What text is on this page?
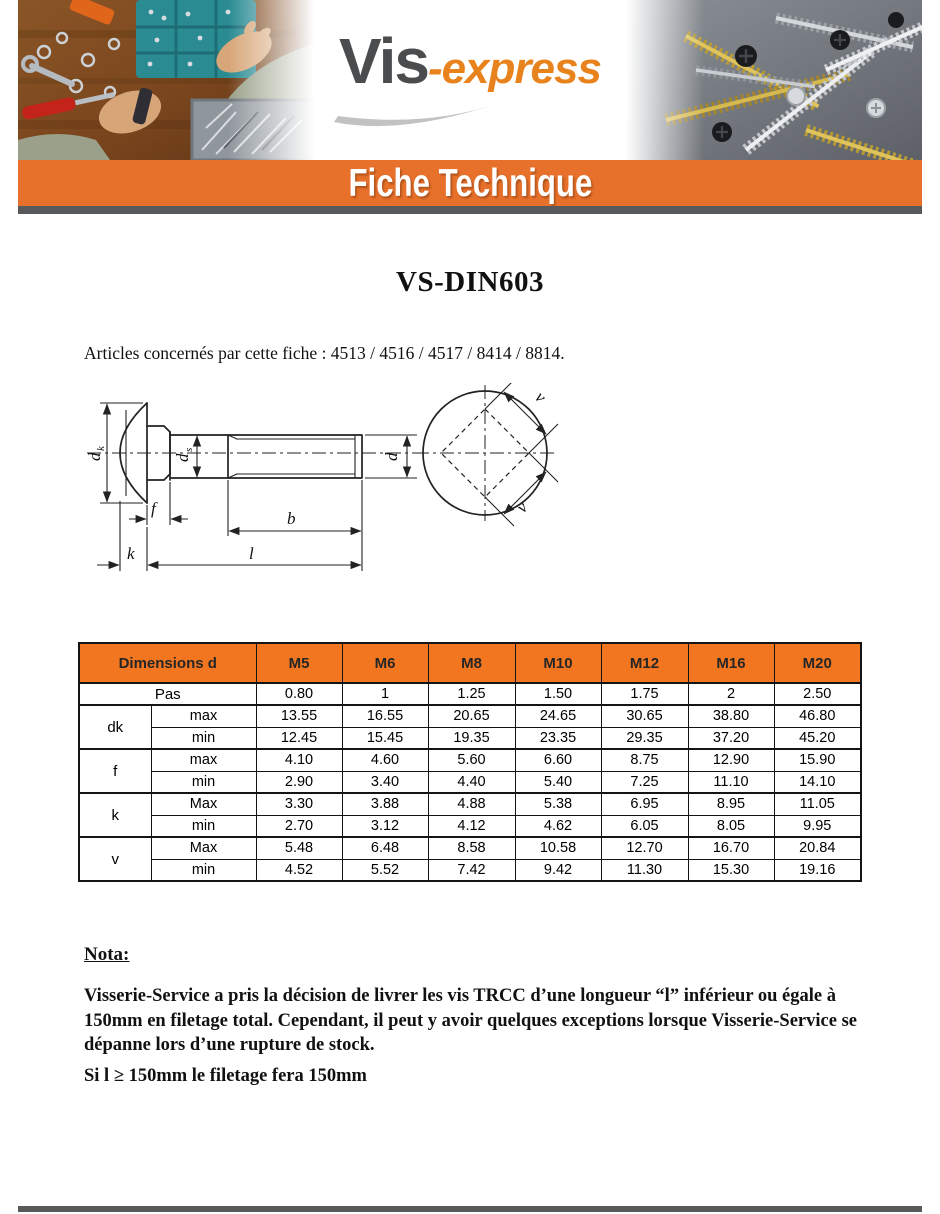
Vis-express
Fiche Technique
VS-DIN603
Articles concernés par cette fiche : 4513 / 4516 / 4517 / 8414 / 8814.
d
k
d
s
d
f
b
k	l
v
v
Dimensions d		M5	M6	M8	M10	M12	M16	M20
Pas		0.80	1	1.25	1.50	1.75	2	2.50
dk	max	13.55	16.55	20.65	24.65	30.65	38.80	46.80
	min	12.45	15.45	19.35	23.35	29.35	37.20	45.20
f	max	4.10	4.60	5.60	6.60	8.75	12.90	15.90
	min	2.90	3.40	4.40	5.40	7.25	11.10	14.10
k	Max	3.30	3.88	4.88	5.38	6.95	8.95	11.05
	min	2.70	3.12	4.12	4.62	6.05	8.05	9.95
v	Max	5.48	6.48	8.58	10.58	12.70	16.70	20.84
	min	4.52	5.52	7.42	9.42	11.30	15.30	19.16
Nota:
Visserie-Service a pris la décision de livrer les vis TRCC d’une longueur “l” inférieur ou égale à 150mm en filetage total. Cependant, il peut y avoir quelques exceptions lorsque Visserie-Service se dépanne lors d’une rupture de stock.
Si l ≥ 150mm le filetage fera 150mm
